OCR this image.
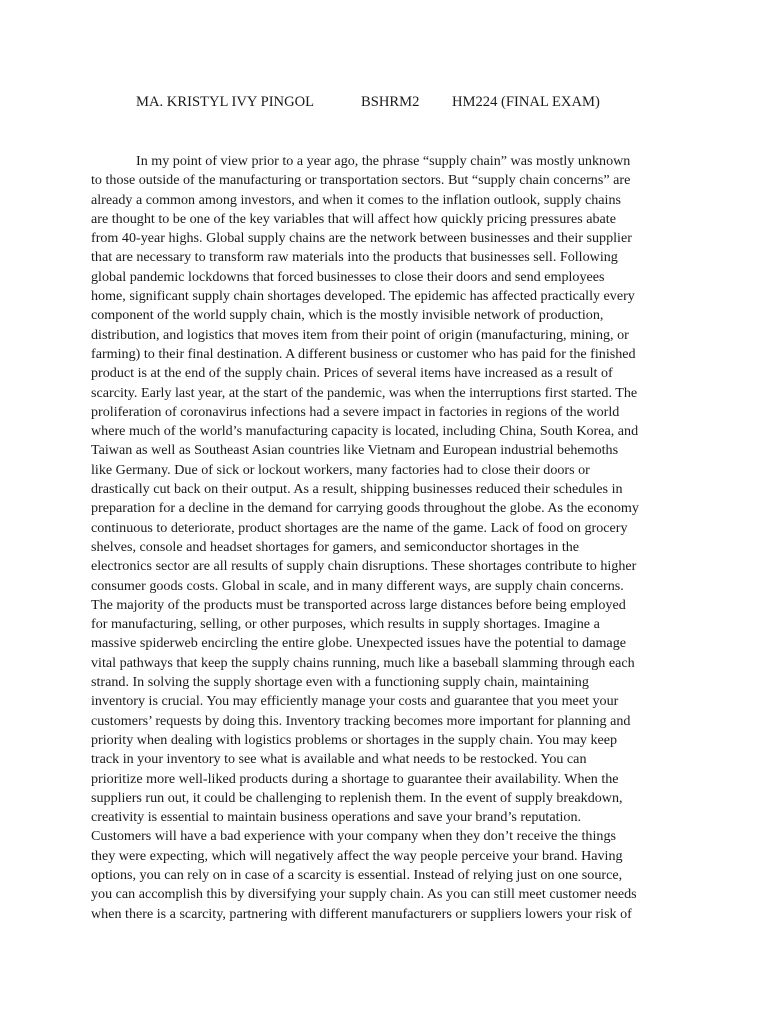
MA. KRISTYL IVY PINGOL	BSHRM2 HM224 (FINAL EXAM)
In my point of view prior to a year ago, the phrase “supply chain” was mostly unknown
to those outside of the manufacturing or transportation sectors. But “supply chain concerns” are
already a common among investors, and when it comes to the inflation outlook, supply chains
are thought to be one of the key variables that will affect how quickly pricing pressures abate
from 40-year highs. Global supply chains are the network between businesses and their supplier
that are necessary to transform raw materials into the products that businesses sell. Following
global pandemic lockdowns that forced businesses to close their doors and send employees
home, significant supply chain shortages developed. The epidemic has affected practically every
component of the world supply chain, which is the mostly invisible network of production,
distribution, and logistics that moves item from their point of origin (manufacturing, mining, or
farming) to their final destination. A different business or customer who has paid for the finished
product is at the end of the supply chain. Prices of several items have increased as a result of
scarcity. Early last year, at the start of the pandemic, was when the interruptions first started. The
proliferation of coronavirus infections had a severe impact in factories in regions of the world
where much of the world’s manufacturing capacity is located, including China, South Korea, and
Taiwan as well as Southeast Asian countries like Vietnam and European industrial behemoths
like Germany. Due of sick or lockout workers, many factories had to close their doors or
drastically cut back on their output. As a result, shipping businesses reduced their schedules in
preparation for a decline in the demand for carrying goods throughout the globe. As the economy
continuous to deteriorate, product shortages are the name of the game. Lack of food on grocery
shelves, console and headset shortages for gamers, and semiconductor shortages in the
electronics sector are all results of supply chain disruptions. These shortages contribute to higher
consumer goods costs. Global in scale, and in many different ways, are supply chain concerns.
The majority of the products must be transported across large distances before being employed
for manufacturing, selling, or other purposes, which results in supply shortages. Imagine a
massive spiderweb encircling the entire globe. Unexpected issues have the potential to damage
vital pathways that keep the supply chains running, much like a baseball slamming through each
strand. In solving the supply shortage even with a functioning supply chain, maintaining
inventory is crucial. You may efficiently manage your costs and guarantee that you meet your
customers’ requests by doing this. Inventory tracking becomes more important for planning and
priority when dealing with logistics problems or shortages in the supply chain. You may keep
track in your inventory to see what is available and what needs to be restocked. You can
prioritize more well-liked products during a shortage to guarantee their availability. When the
suppliers run out, it could be challenging to replenish them. In the event of supply breakdown,
creativity is essential to maintain business operations and save your brand’s reputation.
Customers will have a bad experience with your company when they don’t receive the things
they were expecting, which will negatively affect the way people perceive your brand. Having
options, you can rely on in case of a scarcity is essential. Instead of relying just on one source,
you can accomplish this by diversifying your supply chain. As you can still meet customer needs
when there is a scarcity, partnering with different manufacturers or suppliers lowers your risk of
